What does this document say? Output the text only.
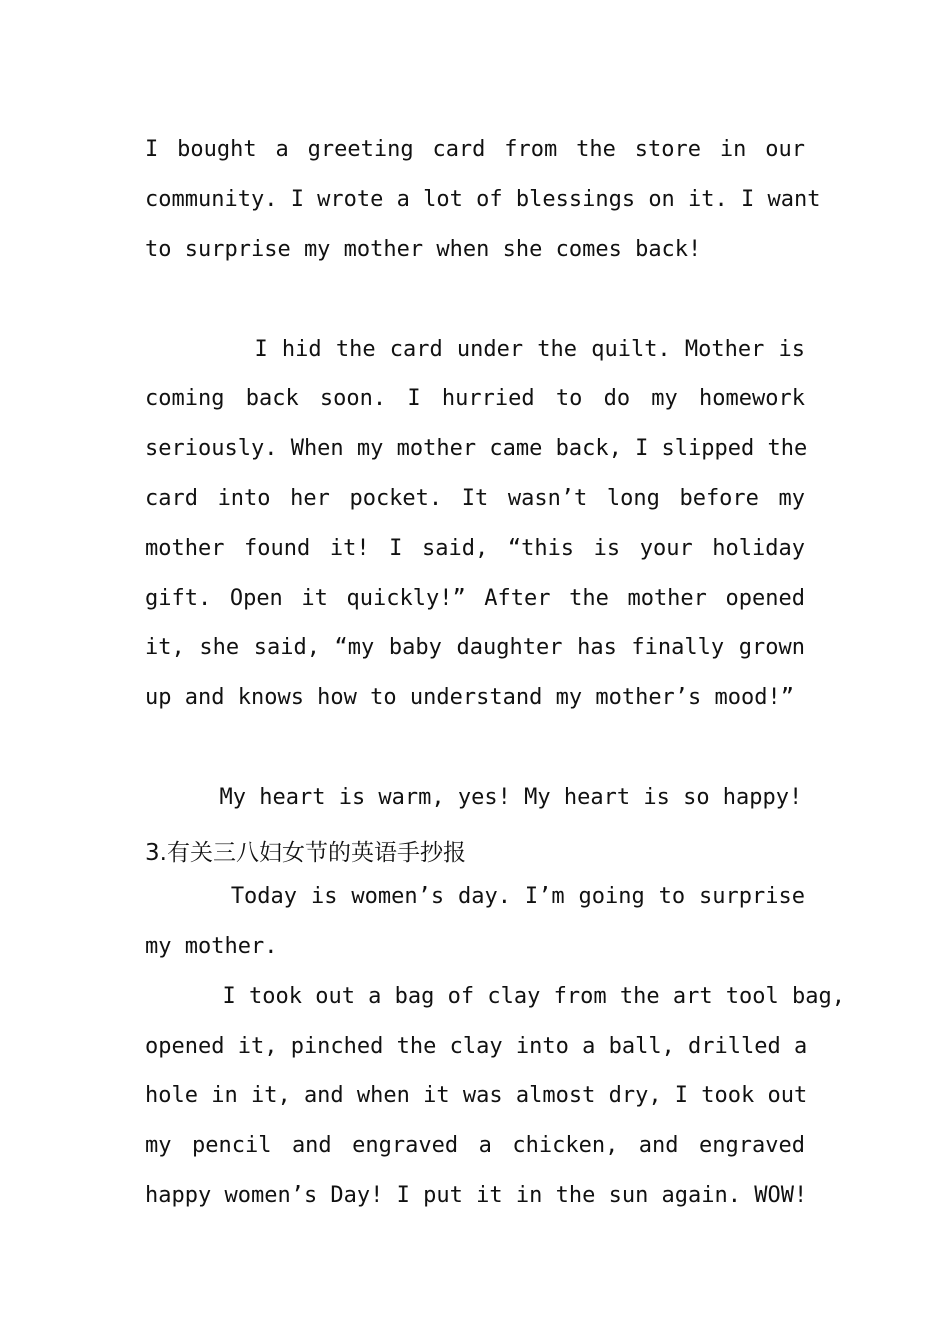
I bought a greeting card from the store in our
community. I wrote a lot of blessings on it. I want
to surprise my mother when she comes back!
I hid the card under the quilt. Mother is
coming back soon. I hurried to do my homework
seriously. When my mother came back, I slipped the
card into her pocket. It wasn’t long before my
mother found it! I said, “this is your holiday
gift. Open it quickly!” After the mother opened
it, she said, “my baby daughter has finally grown
up and knows how to understand my mother’s mood!”
My heart is warm, yes! My heart is so happy!
3.有关三八妇女节的英语手抄报
Today is women’s day. I’m going to surprise
my mother.
I took out a bag of clay from the art tool bag,
opened it, pinched the clay into a ball, drilled a
hole in it, and when it was almost dry, I took out
my pencil and engraved a chicken, and engraved
happy women’s Day! I put it in the sun again. WOW!
